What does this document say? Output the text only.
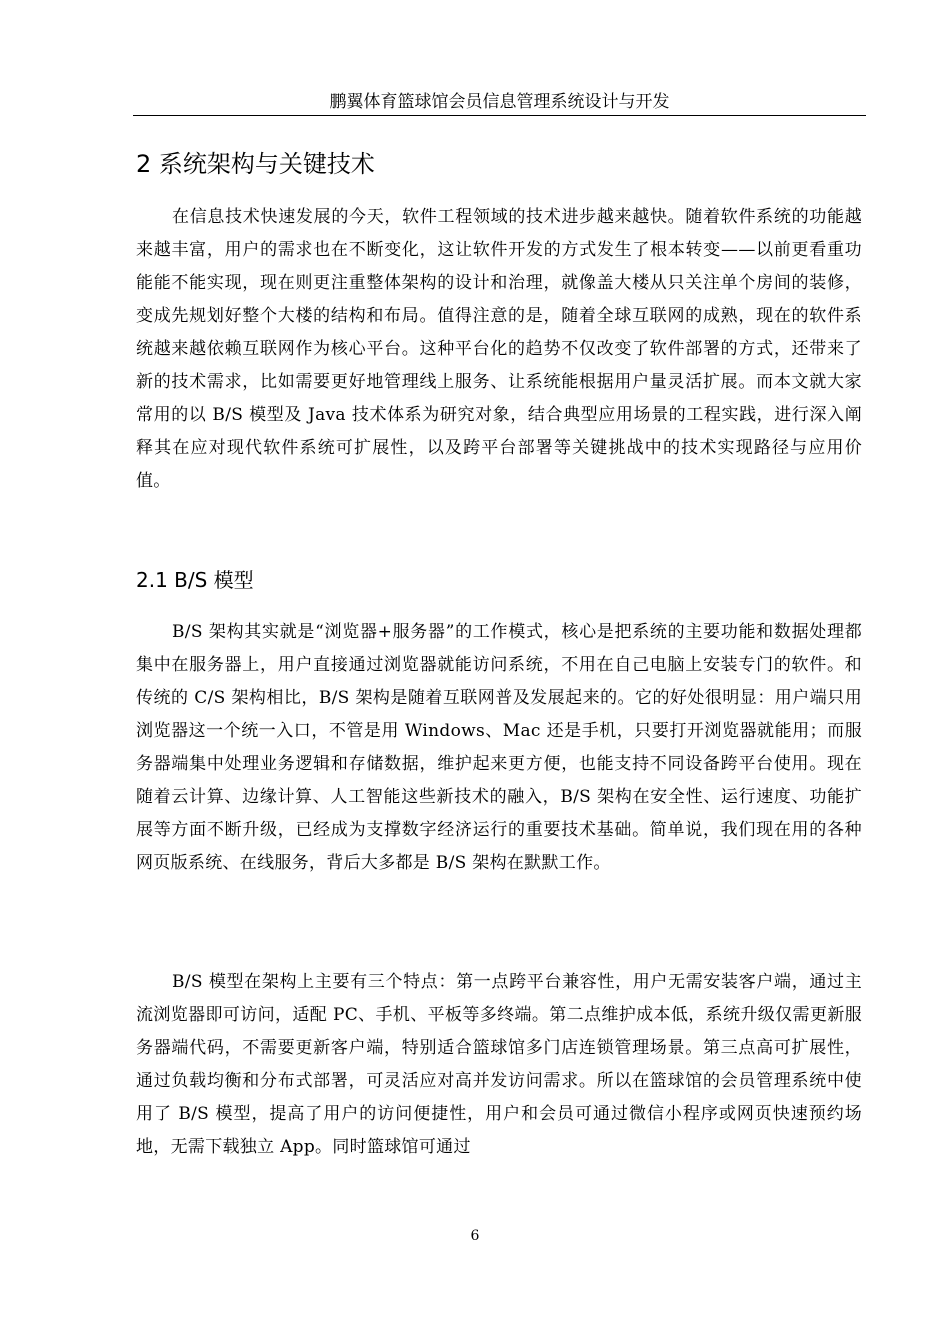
鹏翼体育篮球馆会员信息管理系统设计与开发
2 系统架构与关键技术

在信息技术快速发展的今天，软件工程领域的技术进步越来越快。随着软件系统的功能越来越丰富，用户的需求也在不断变化，这让软件开发的方式发生了根本转变——以前更看重功能能不能实现，现在则更注重整体架构的设计和治理，就像盖大楼从只关注单个房间的装修，变成先规划好整个大楼的结构和布局。值得注意的是，随着全球互联网的成熟，现在的软件系统越来越依赖互联网作为核心平台。这种平台化的趋势不仅改变了软件部署的方式，还带来了新的技术需求，比如需要更好地管理线上服务、让系统能根据用户量灵活扩展。而本文就大家常用的以 B/S 模型及 Java 技术体系为研究对象，结合典型应用场景的工程实践，进行深入阐释其在应对现代软件系统可扩展性，以及跨平台部署等关键挑战中的技术实现路径与应用价值。

2.1 B/S 模型

B/S 架构其实就是“浏览器+服务器”的工作模式，核心是把系统的主要功能和数据处理都集中在服务器上，用户直接通过浏览器就能访问系统，不用在自己电脑上安装专门的软件。和传统的 C/S 架构相比，B/S 架构是随着互联网普及发展起来的。它的好处很明显：用户端只用浏览器这一个统一入口，不管是用 Windows、Mac 还是手机，只要打开浏览器就能用；而服务器端集中处理业务逻辑和存储数据，维护起来更方便，也能支持不同设备跨平台使用。现在随着云计算、边缘计算、人工智能这些新技术的融入，B/S 架构在安全性、运行速度、功能扩展等方面不断升级，已经成为支撑数字经济运行的重要技术基础。简单说，我们现在用的各种网页版系统、在线服务，背后大多都是 B/S 架构在默默工作。

B/S 模型在架构上主要有三个特点：第一点跨平台兼容性，用户无需安装客户端，通过主流浏览器即可访问，适配 PC、手机、平板等多终端。第二点维护成本低，系统升级仅需更新服务器端代码，不需要更新客户端，特别适合篮球馆多门店连锁管理场景。第三点高可扩展性，通过负载均衡和分布式部署，可灵活应对高并发访问需求。所以在篮球馆的会员管理系统中使用了 B/S 模型，提高了用户的访问便捷性，用户和会员可通过微信小程序或网页快速预约场地，无需下载独立 App。同时篮球馆可通过

6
